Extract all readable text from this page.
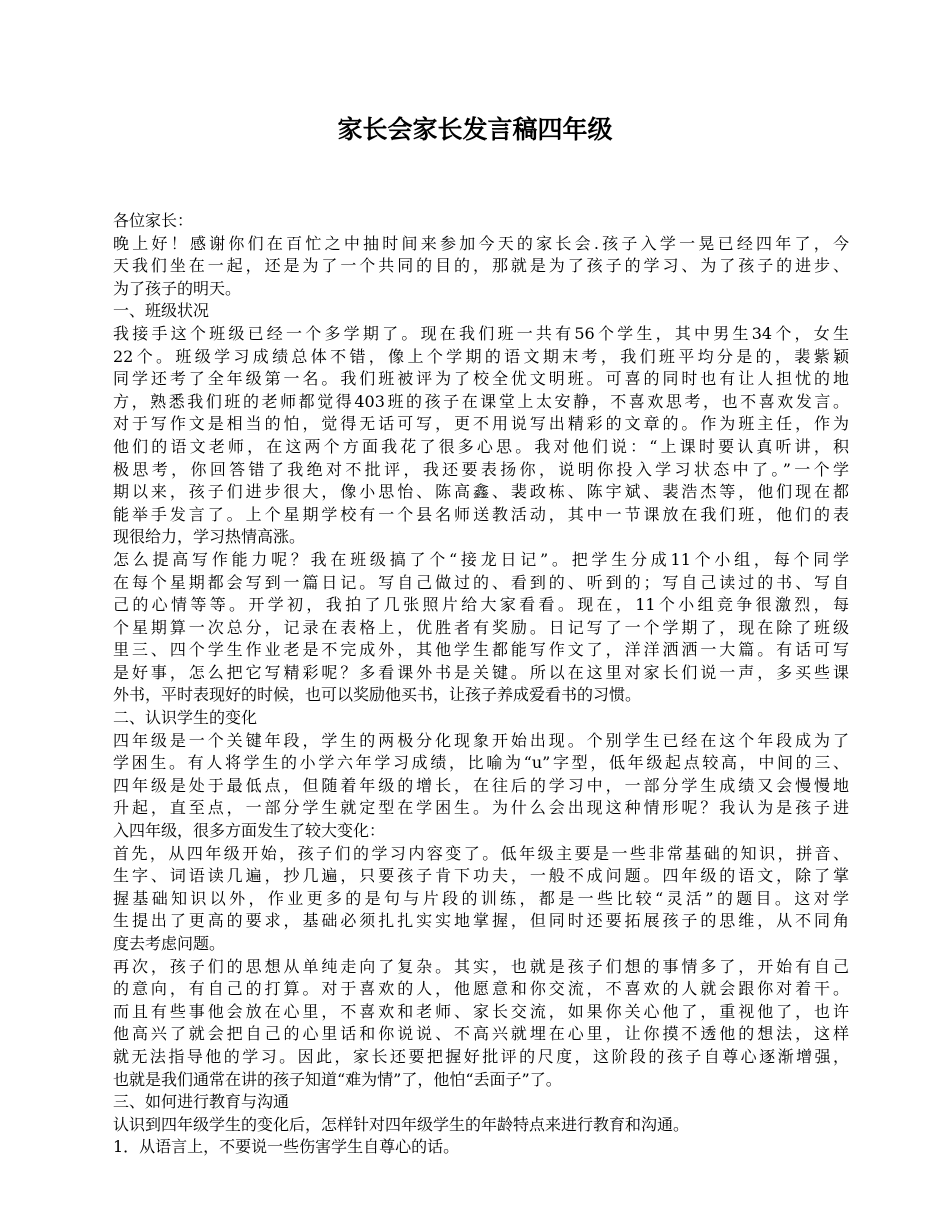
家长会家长发言稿四年级

各位家长：

晚上好！感谢你们在百忙之中抽时间来参加今天的家长会.孩子入学一晃已经四年了，今

天我们坐在一起，还是为了一个共同的目的，那就是为了孩子的学习、为了孩子的进步、

为了孩子的明天。

一、班级状况

我接手这个班级已经一个多学期了。现在我们班一共有56个学生，其中男生34个，女生

22个。班级学习成绩总体不错，像上个学期的语文期末考，我们班平均分是的，裴紫颖

同学还考了全年级第一名。我们班被评为了校全优文明班。可喜的同时也有让人担忧的地

方，熟悉我们班的老师都觉得403班的孩子在课堂上太安静，不喜欢思考，也不喜欢发言。

对于写作文是相当的怕，觉得无话可写，更不用说写出精彩的文章的。作为班主任，作为

他们的语文老师，在这两个方面我花了很多心思。我对他们说：“上课时要认真听讲，积

极思考，你回答错了我绝对不批评，我还要表扬你，说明你投入学习状态中了。”一个学

期以来，孩子们进步很大，像小思怡、陈高鑫、裴政栋、陈宇斌、裴浩杰等，他们现在都

能举手发言了。上个星期学校有一个县名师送教活动，其中一节课放在我们班，他们的表

现很给力，学习热情高涨。

怎么提高写作能力呢？我在班级搞了个“接龙日记”。把学生分成11个小组，每个同学

在每个星期都会写到一篇日记。写自己做过的、看到的、听到的；写自己读过的书、写自

己的心情等等。开学初，我拍了几张照片给大家看看。现在，11个小组竞争很激烈，每

个星期算一次总分，记录在表格上，优胜者有奖励。日记写了一个学期了，现在除了班级

里三、四个学生作业老是不完成外，其他学生都能写作文了，洋洋洒洒一大篇。有话可写

是好事，怎么把它写精彩呢？多看课外书是关键。所以在这里对家长们说一声，多买些课

外书，平时表现好的时候，也可以奖励他买书，让孩子养成爱看书的习惯。

二、认识学生的变化

四年级是一个关键年段，学生的两极分化现象开始出现。个别学生已经在这个年段成为了

学困生。有人将学生的小学六年学习成绩，比喻为“u”字型，低年级起点较高，中间的三、

四年级是处于最低点，但随着年级的增长，在往后的学习中，一部分学生成绩又会慢慢地

升起，直至点，一部分学生就定型在学困生。为什么会出现这种情形呢？我认为是孩子进

入四年级，很多方面发生了较大变化：

首先，从四年级开始，孩子们的学习内容变了。低年级主要是一些非常基础的知识，拼音、

生字、词语读几遍，抄几遍，只要孩子肯下功夫，一般不成问题。四年级的语文，除了掌

握基础知识以外，作业更多的是句与片段的训练，都是一些比较“灵活”的题目。这对学

生提出了更高的要求，基础必须扎扎实实地掌握，但同时还要拓展孩子的思维，从不同角

度去考虑问题。

再次，孩子们的思想从单纯走向了复杂。其实，也就是孩子们想的事情多了，开始有自己

的意向，有自己的打算。对于喜欢的人，他愿意和你交流，不喜欢的人就会跟你对着干。

而且有些事他会放在心里，不喜欢和老师、家长交流，如果你关心他了，重视他了，也许

他高兴了就会把自己的心里话和你说说、不高兴就埋在心里，让你摸不透他的想法，这样

就无法指导他的学习。因此，家长还要把握好批评的尺度，这阶段的孩子自尊心逐渐增强，

也就是我们通常在讲的孩子知道“难为情”了，他怕“丢面子”了。

三、如何进行教育与沟通

认识到四年级学生的变化后，怎样针对四年级学生的年龄特点来进行教育和沟通。

1．从语言上，不要说一些伤害学生自尊心的话。
